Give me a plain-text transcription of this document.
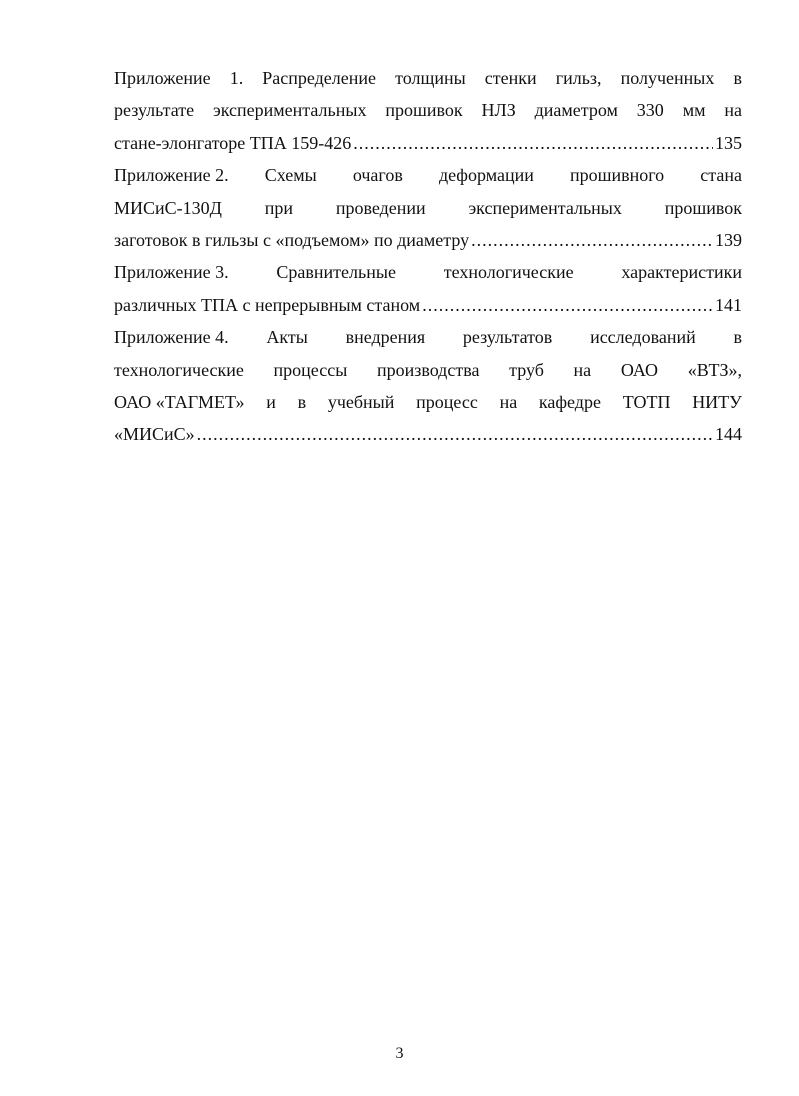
Приложение 1. Распределение толщины стенки гильз, полученных в
результате экспериментальных прошивок НЛЗ диаметром 330 мм на
стане-элонгаторе ТПА 159-426 .....	135
Приложение 2. Схемы очагов деформации прошивного стана
МИСиС-130Д при проведении экспериментальных прошивок
заготовок в гильзы с «подъемом» по диаметру .....	139
Приложение 3.	Сравнительные	технологические	характеристики
различных ТПА с непрерывным станом .....	141
Приложение 4. Акты внедрения результатов исследований в
технологические процессы производства труб на ОАО «ВТЗ»,
ОАО «ТАГМЕТ» и в учебный процесс на кафедре ТОТП НИТУ
«МИСиС» .....	144
3
